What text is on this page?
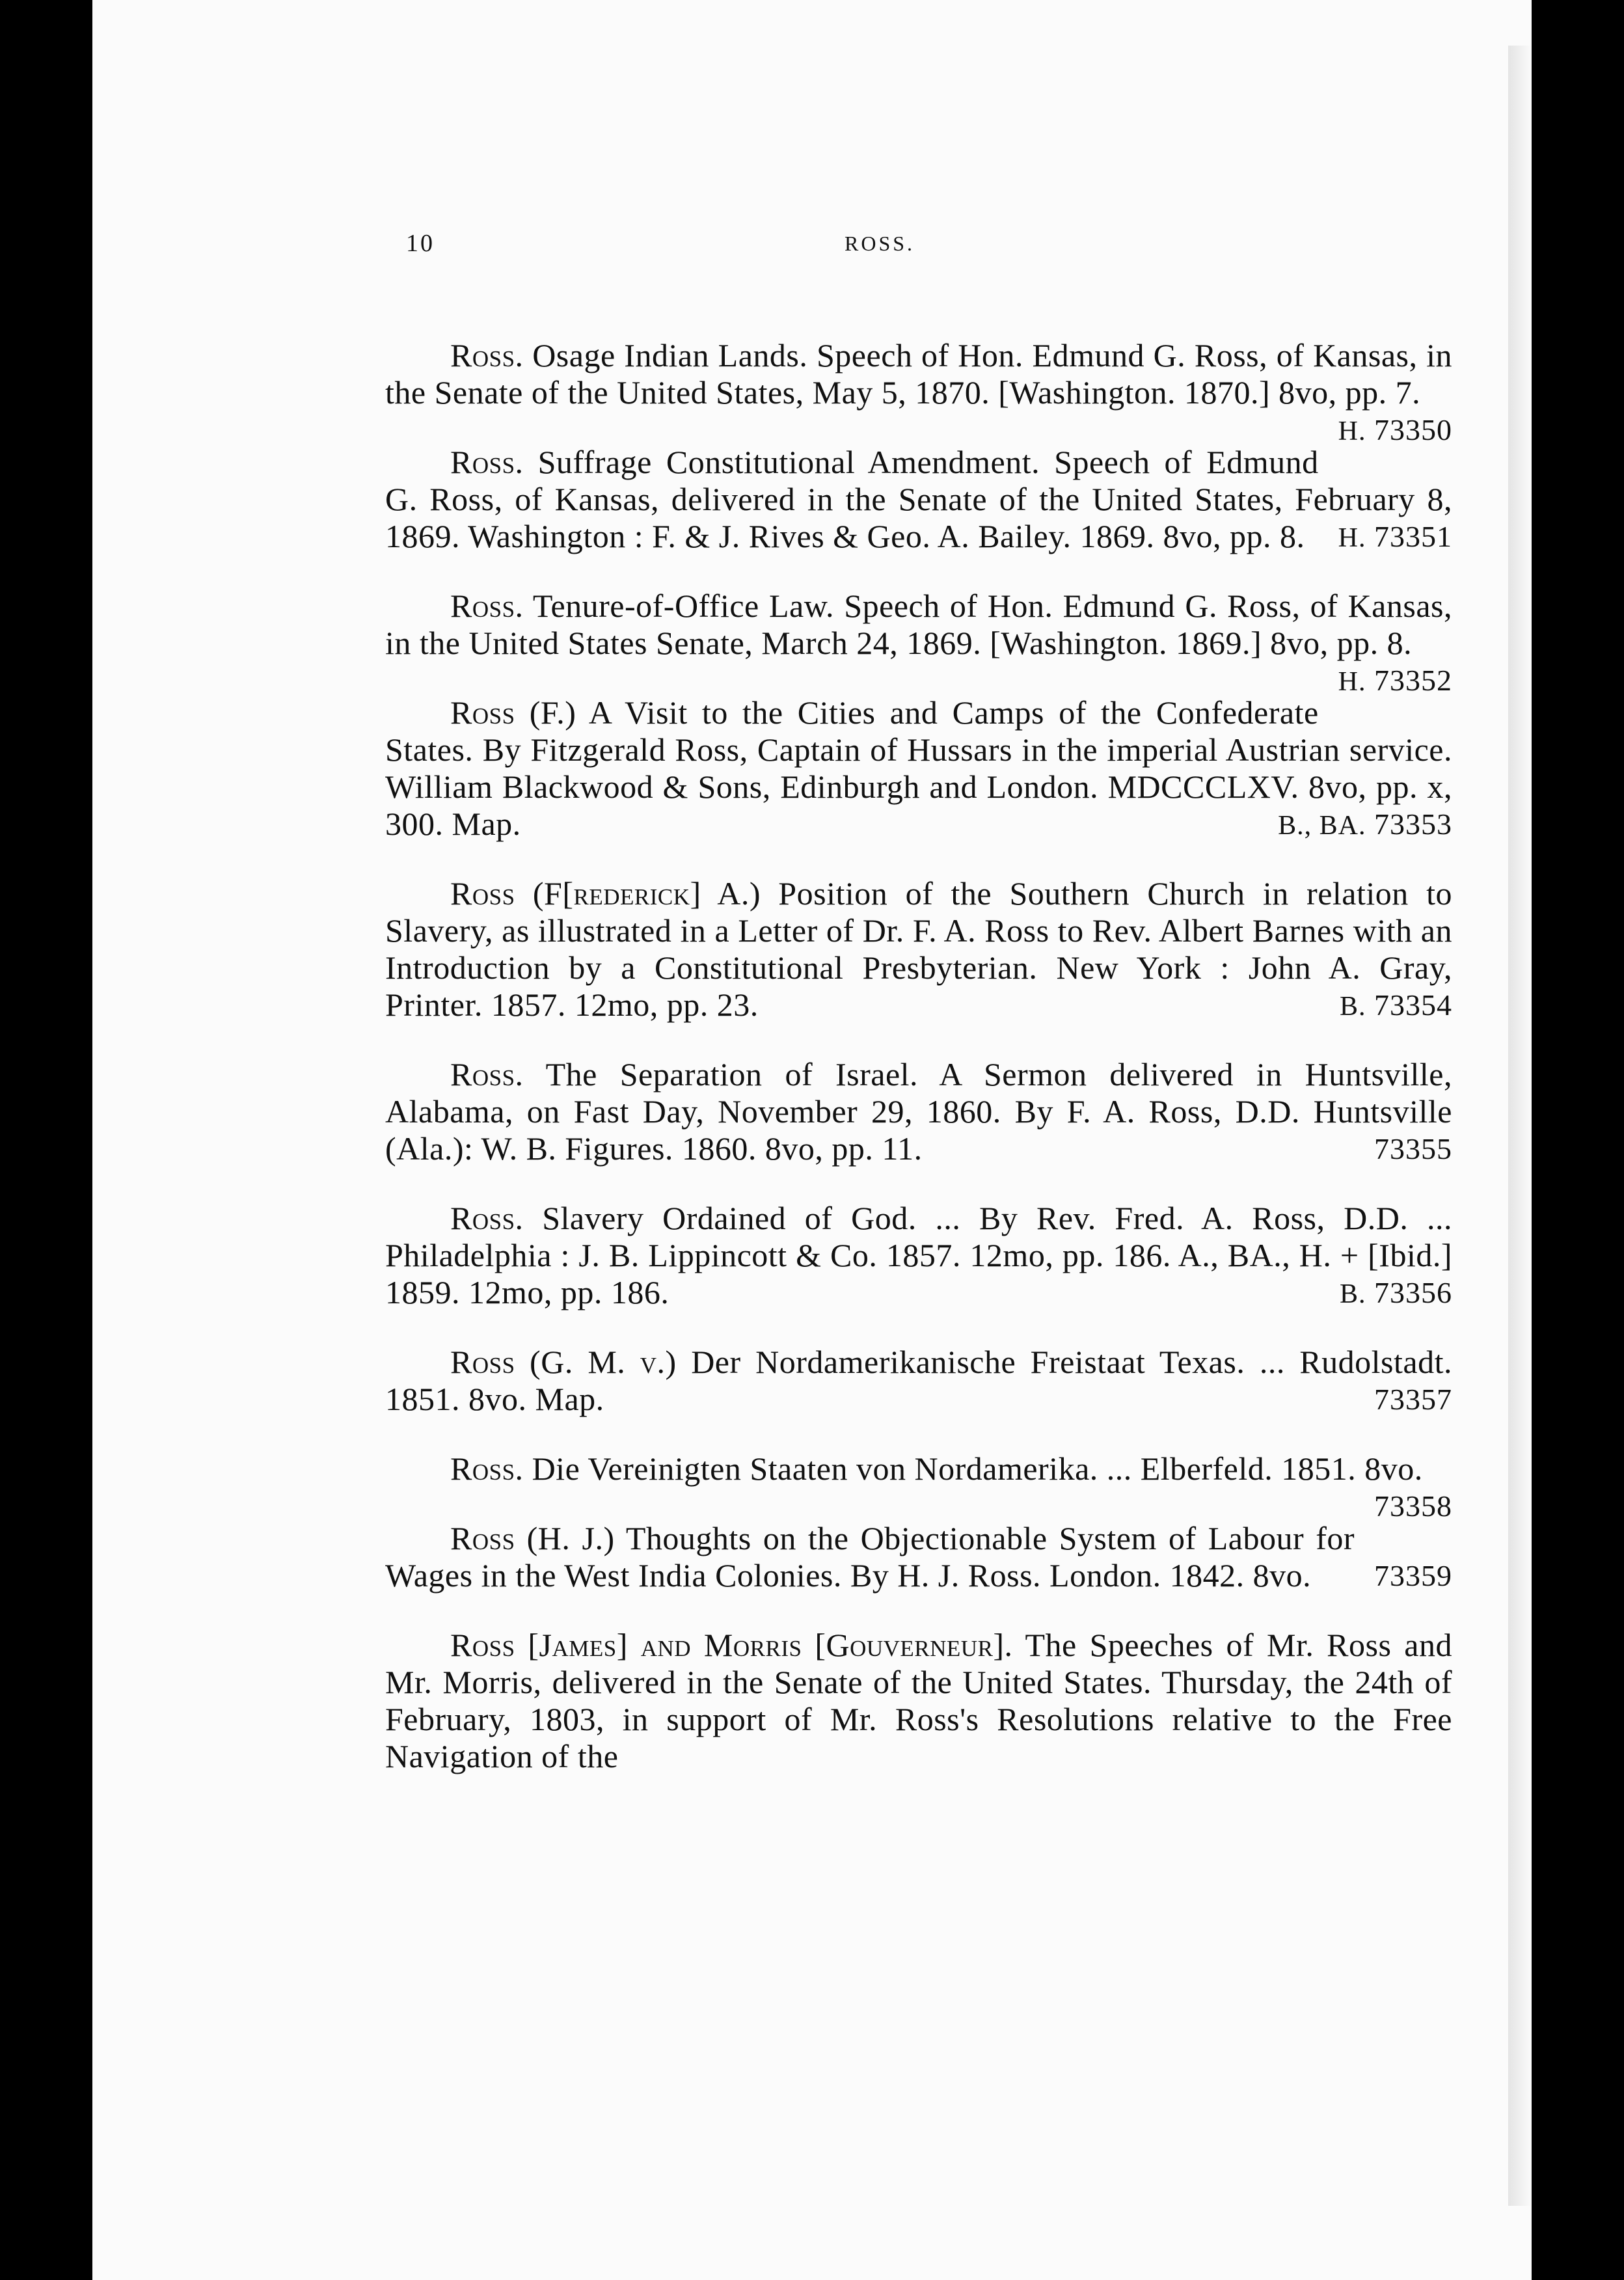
10	ROSS.

Ross. Osage Indian Lands. Speech of Hon. Edmund G. Ross, of Kansas, in the Senate of the United States, May 5, 1870. [Washington. 1870.] 8vo, pp. 7.
H. 73350

Ross. Suffrage Constitutional Amendment. Speech of Edmund G. Ross, of Kansas, delivered in the Senate of the United States, February 8, 1869. Washington : F. & J. Rives & Geo. A. Bailey. 1869. 8vo, pp. 8. H. 73351

Ross. Tenure-of-Office Law. Speech of Hon. Edmund G. Ross, of Kansas, in the United States Senate, March 24, 1869. [Washington. 1869.] 8vo, pp. 8.
H. 73352

Ross (F.) A Visit to the Cities and Camps of the Confederate States. By Fitzgerald Ross, Captain of Hussars in the imperial Austrian service. William Blackwood & Sons, Edinburgh and London. MDCCCLXV. 8vo, pp. x, 300. Map.	B., BA. 73353

Ross (F[rederick] A.) Position of the Southern Church in relation to Slavery, as illustrated in a Letter of Dr. F. A. Ross to Rev. Albert Barnes with an Introduction by a Constitutional Presbyterian. New York : John A. Gray, Printer. 1857. 12mo, pp. 23.	B. 73354

Ross. The Separation of Israel. A Sermon delivered in Huntsville, Alabama, on Fast Day, November 29, 1860. By F. A. Ross, D.D. Huntsville (Ala.): W. B. Figures. 1860. 8vo, pp. 11.	73355

Ross. Slavery Ordained of God. ... By Rev. Fred. A. Ross, D.D. ... Philadelphia : J. B. Lippincott & Co. 1857. 12mo, pp. 186. A., BA., H. + [Ibid.] 1859. 12mo, pp. 186.	B. 73356

Ross (G. M. v.) Der Nordamerikanische Freistaat Texas. ... Rudolstadt. 1851. 8vo. Map.	73357

Ross. Die Vereinigten Staaten von Nordamerika. ... Elberfeld. 1851. 8vo.
73358

Ross (H. J.) Thoughts on the Objectionable System of Labour for Wages in the West India Colonies. By H. J. Ross. London. 1842. 8vo. 73359

Ross [James] and Morris [Gouverneur]. The Speeches of Mr. Ross and Mr. Morris, delivered in the Senate of the United States. Thursday, the 24th of February, 1803, in support of Mr. Ross's Resolutions relative to the Free Navigation of the
